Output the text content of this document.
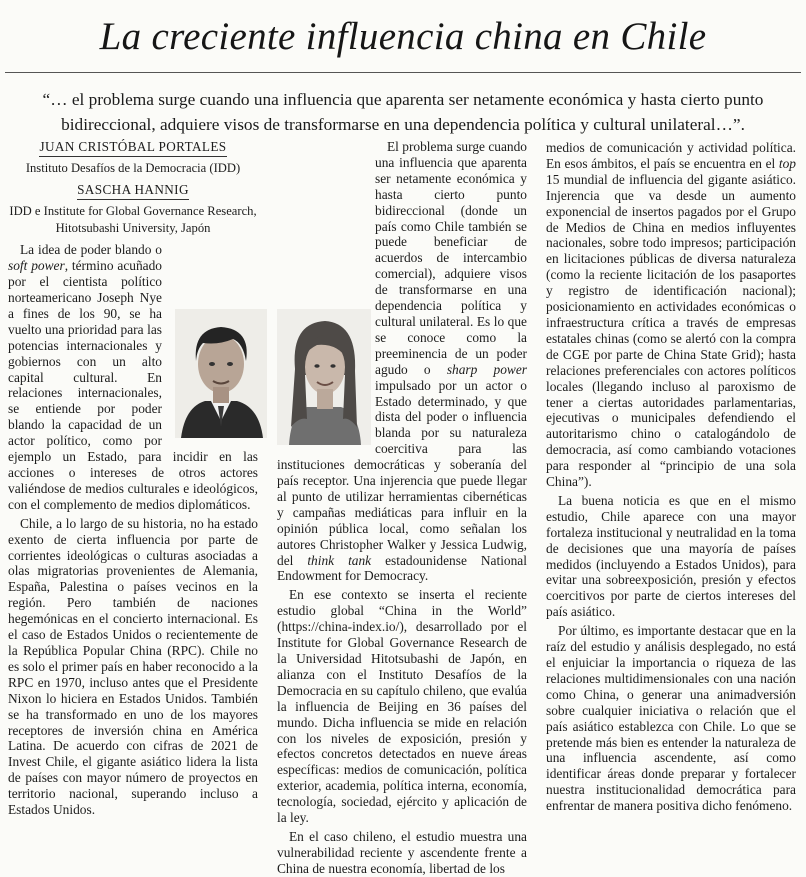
La creciente influencia china en Chile
“… el problema surge cuando una influencia que aparenta ser netamente económica y hasta cierto punto bidireccional, adquiere visos de transformarse en una dependencia política y cultural unilateral…”.
JUAN CRISTÓBAL PORTALES
Instituto Desafíos de la Democracia (IDD)
SASCHA HANNIG
IDD e Institute for Global Governance Research, Hitotsubashi University, Japón

La idea de poder blando o soft power, término acuñado por el cientista político norteamericano Joseph Nye a fines de los 90, se ha vuelto una prioridad para las potencias internacionales y gobiernos con un alto capital cultural. En relaciones internacionales, se entiende por poder blando la capacidad de un actor político, como por ejemplo un Estado, para incidir en las acciones o intereses de otros actores valiéndose de medios culturales e ideológicos, con el complemento de medios diplomáticos.

Chile, a lo largo de su historia, no ha estado exento de cierta influencia por parte de corrientes ideológicas o culturas asociadas a olas migratorias provenientes de Alemania, España, Palestina o países vecinos en la región. Pero también de naciones hegemónicas en el concierto internacional. Es el caso de Estados Unidos o recientemente de la República Popular China (RPC). Chile no es solo el primer país en haber reconocido a la RPC en 1970, incluso antes que el Presidente Nixon lo hiciera en Estados Unidos. También se ha transformado en uno de los mayores receptores de inversión china en América Latina. De acuerdo con cifras de 2021 de Invest Chile, el gigante asiático lidera la lista de países con mayor número de proyectos en territorio nacional, superando incluso a Estados Unidos.

El problema surge cuando una influencia que aparenta ser netamente económica y hasta cierto punto bidireccional (donde un país como Chile también se puede beneficiar de acuerdos de intercambio comercial), adquiere visos de transformarse en una dependencia política y cultural unilateral. Es lo que se conoce como la preeminencia de un poder agudo o sharp power impulsado por un actor o Estado determinado, y que dista del poder o influencia blanda por su naturaleza coercitiva para las instituciones democráticas y soberanía del país receptor. Una injerencia que puede llegar al punto de utilizar herramientas cibernéticas y campañas mediáticas para influir en la opinión pública local, como señalan los autores Christopher Walker y Jessica Ludwig, del think tank estadounidense National Endowment for Democracy.

En ese contexto se inserta el reciente estudio global “China in the World” (https://china-index.io/), desarrollado por el Institute for Global Governance Research de la Universidad Hitotsubashi de Japón, en alianza con el Instituto Desafíos de la Democracia en su capítulo chileno, que evalúa la influencia de Beijing en 36 países del mundo. Dicha influencia se mide en relación con los niveles de exposición, presión y efectos concretos detectados en nueve áreas específicas: medios de comunicación, política exterior, academia, política interna, economía, tecnología, sociedad, ejército y aplicación de la ley.

En el caso chileno, el estudio muestra una vulnerabilidad reciente y ascendente frente a China de nuestra economía, libertad de los

medios de comunicación y actividad política. En esos ámbitos, el país se encuentra en el top 15 mundial de influencia del gigante asiático. Injerencia que va desde un aumento exponencial de insertos pagados por el Grupo de Medios de China en medios influyentes nacionales, sobre todo impresos; participación en licitaciones públicas de diversa naturaleza (como la reciente licitación de los pasaportes y registro de identificación nacional); posicionamiento en actividades económicas o infraestructura crítica a través de empresas estatales chinas (como se alertó con la compra de CGE por parte de China State Grid); hasta relaciones preferenciales con actores políticos locales (llegando incluso al paroxismo de tener a ciertas autoridades parlamentarias, ejecutivas o municipales defendiendo el autoritarismo chino o catalogándolo de democracia, así como cambiando votaciones para responder al “principio de una sola China”).

La buena noticia es que en el mismo estudio, Chile aparece con una mayor fortaleza institucional y neutralidad en la toma de decisiones que una mayoría de países medidos (incluyendo a Estados Unidos), para evitar una sobreexposición, presión y efectos coercitivos por parte de ciertos intereses del país asiático.

Por último, es importante destacar que en la raíz del estudio y análisis desplegado, no está el enjuiciar la importancia o riqueza de las relaciones multidimensionales con una nación como China, o generar una animadversión sobre cualquier iniciativa o relación que el país asiático establezca con Chile. Lo que se pretende más bien es entender la naturaleza de una influencia ascendente, así como identificar áreas donde preparar y fortalecer nuestra institucionalidad democrática para enfrentar de manera positiva dicho fenómeno.
